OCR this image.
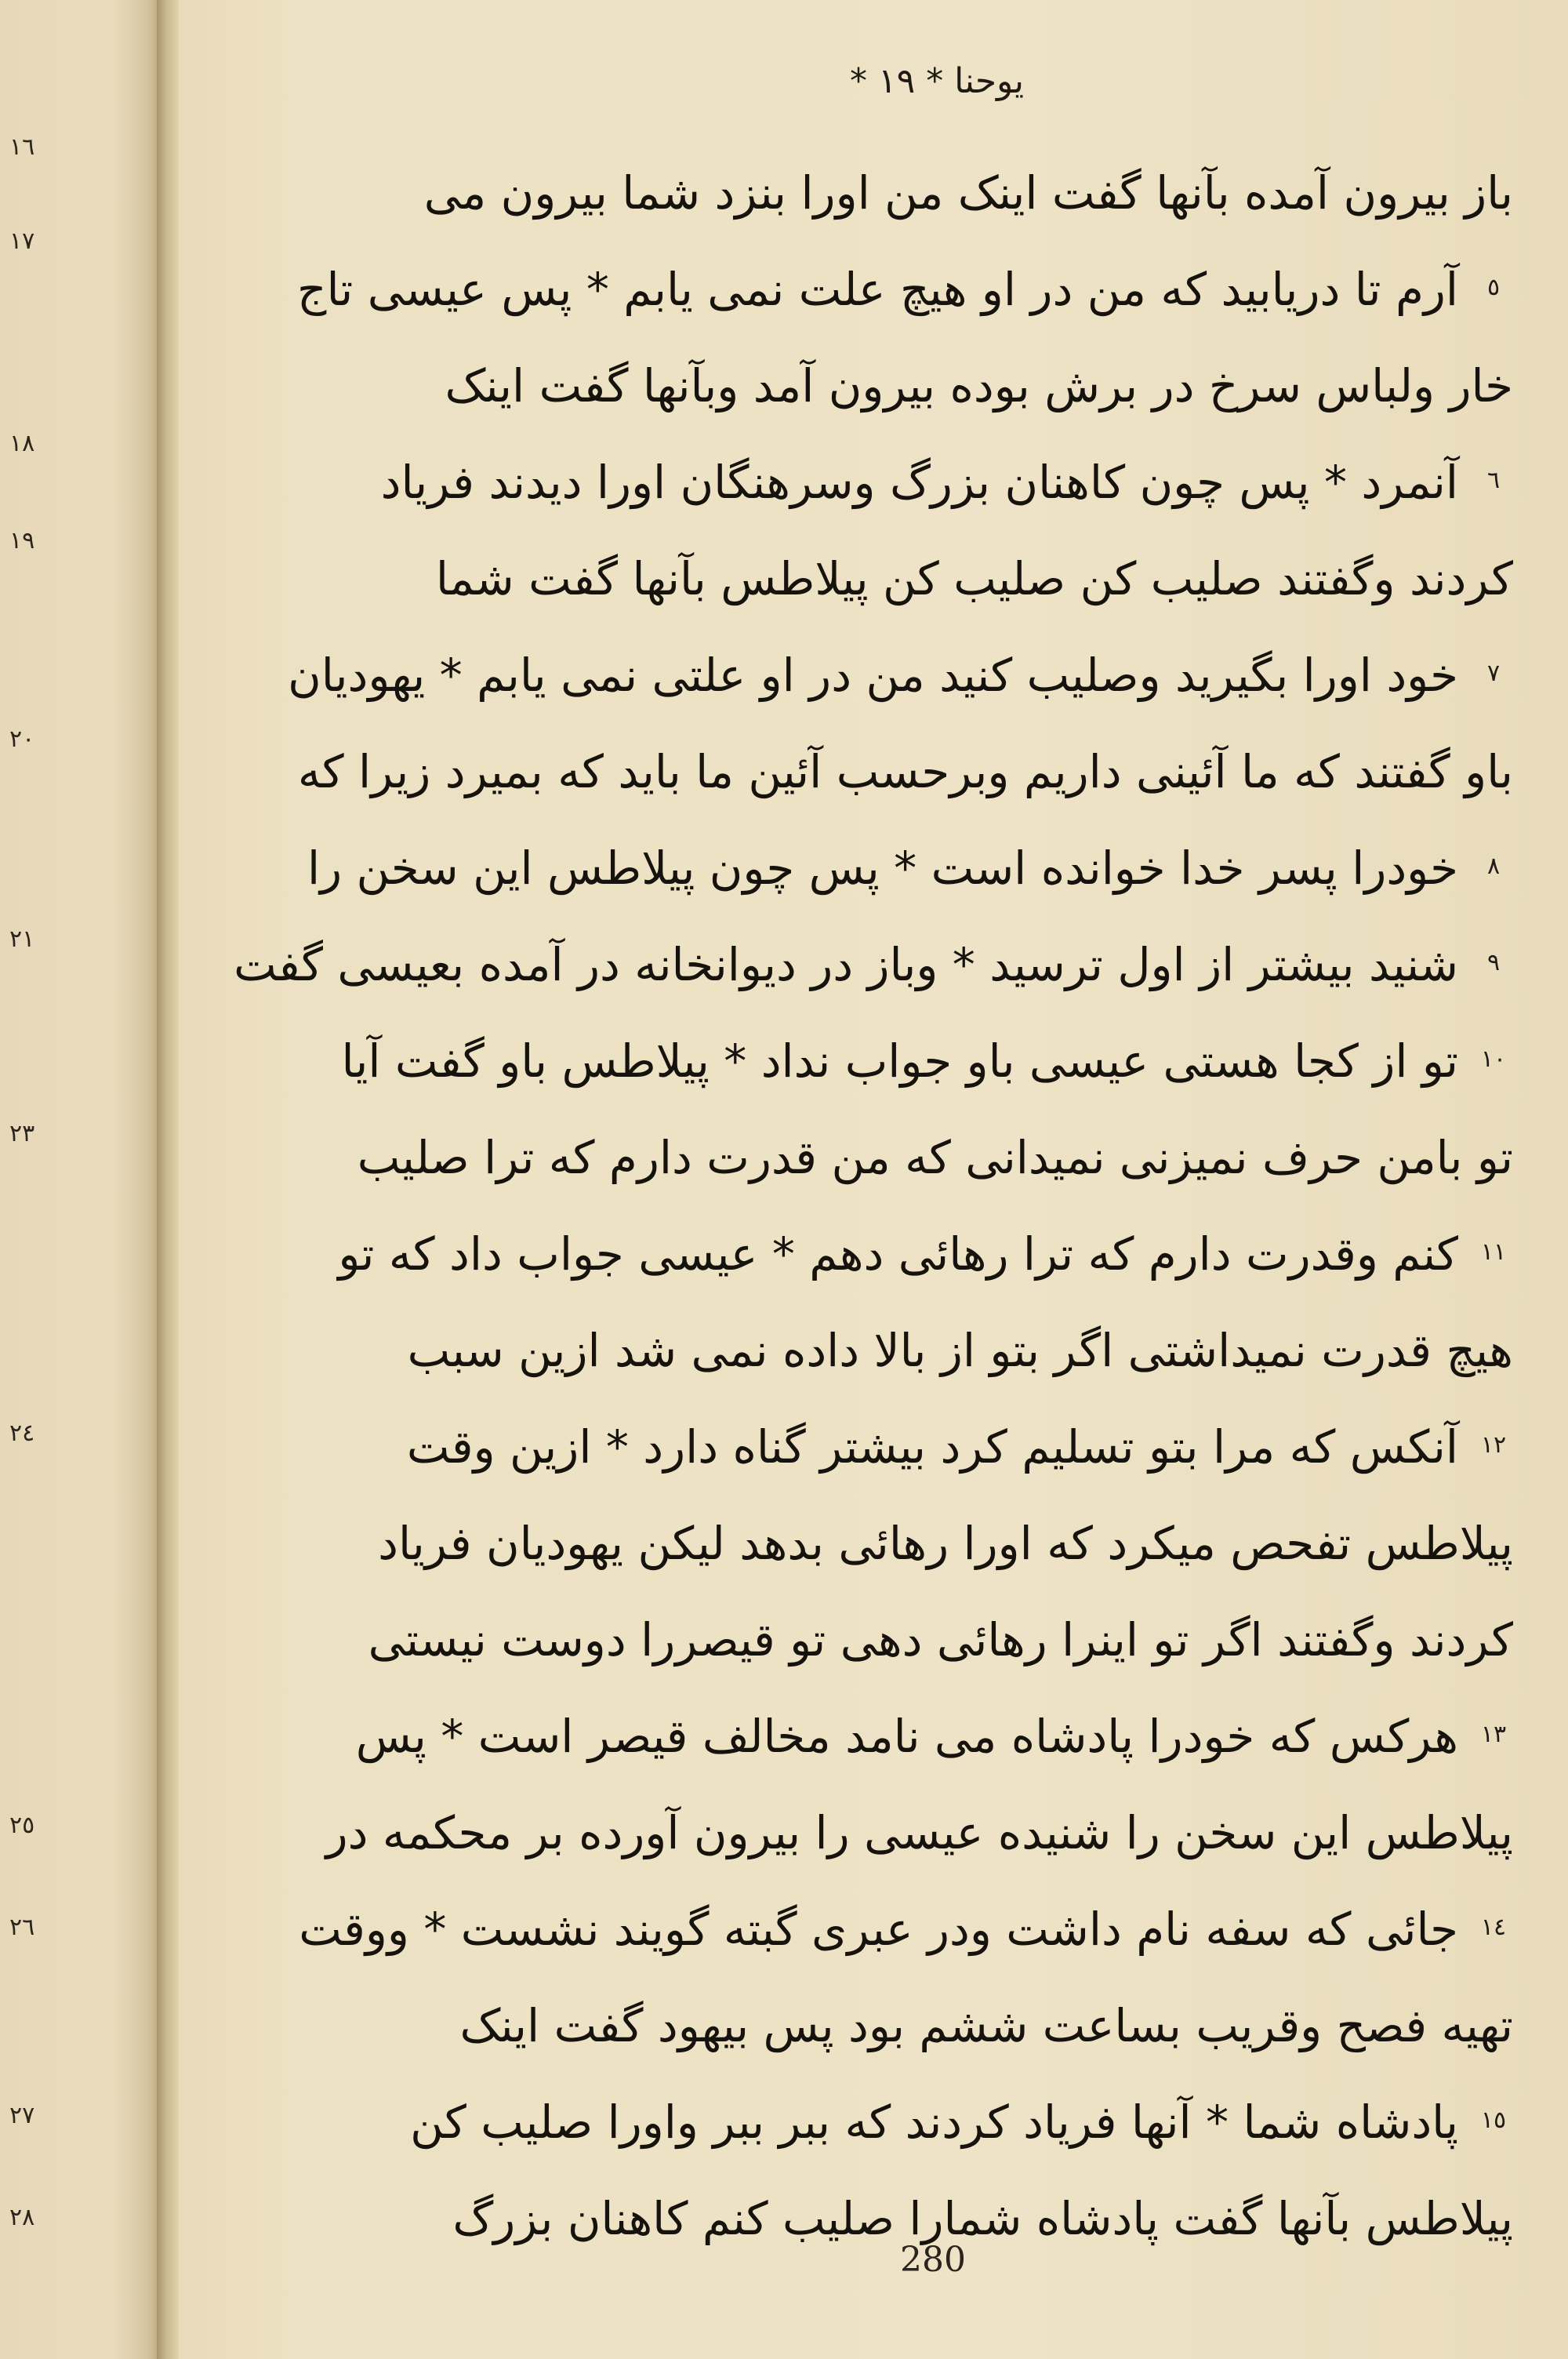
١٦
١٧
١٨
١٩
٢٠
٢١
٢٣
٢٤
٢٥
٢٦
٢٧
٢٨
یوحنا * ۱۹ *
باز بیرون آمده بآنها گفت اینک من اورا بنزد شما بیرون می
٥
آرم تا دریابید که من در او هیچ علت نمی یابم * پس عیسی تاج
خار ولباس سرخ در برش بوده بیرون آمد وبآنها گفت اینک
٦
آنمرد * پس چون کاهنان بزرگ وسرهنگان اورا دیدند فریاد
کردند وگفتند صلیب کن صلیب کن پیلاطس بآنها گفت شما
٧
خود اورا بگیرید وصلیب کنید من در او علتی نمی یابم * یهودیان
باو گفتند که ما آئینی داریم وبرحسب آئین ما باید که بمیرد زیرا که
٨
خودرا پسر خدا خوانده است * پس چون پیلاطس این سخن را
٩
شنید بیشتر از اول ترسید * وباز در دیوانخانه در آمده بعیسی گفت
١٠
تو از کجا هستی عیسی باو جواب نداد * پیلاطس باو گفت آیا
تو بامن حرف نمیزنی نمیدانی که من قدرت دارم که ترا صلیب
١١
کنم وقدرت دارم که ترا رهائی دهم * عیسی جواب داد که تو
هیچ قدرت نمیداشتی اگر بتو از بالا داده نمی شد ازین سبب
١٢
آنکس که مرا بتو تسلیم کرد بیشتر گناه دارد * ازین وقت
پیلاطس تفحص میکرد که اورا رهائی بدهد لیکن یهودیان فریاد
کردند وگفتند اگر تو اینرا رهائی دهی تو قیصررا دوست نیستی
١٣
هرکس که خودرا پادشاه می نامد مخالف قیصر است * پس
پیلاطس این سخن را شنیده عیسی را بیرون آورده بر محکمه در
١٤
جائی که سفه نام داشت ودر عبری گبته گویند نشست * ووقت
تهیه فصح وقریب بساعت ششم بود پس بیهود گفت اینک
١٥
پادشاه شما * آنها فریاد کردند که ببر ببر واورا صلیب کن
پیلاطس بآنها گفت پادشاه شمارا صلیب کنم کاهنان بزرگ
280
